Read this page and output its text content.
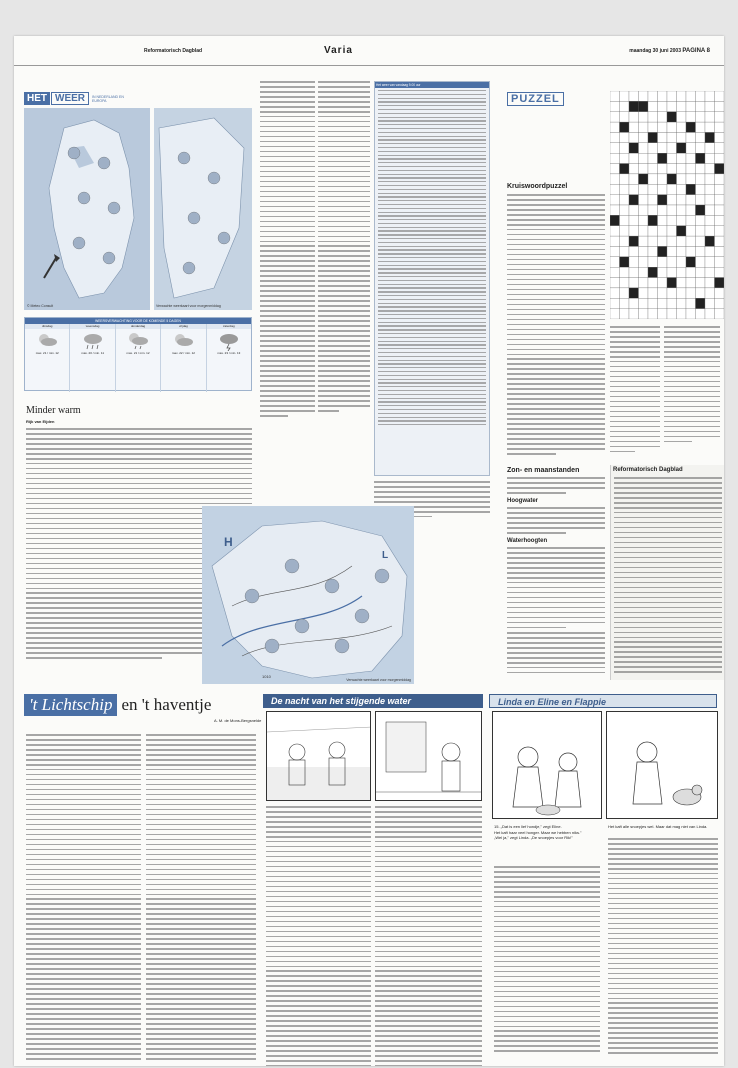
Reformatorisch Dagblad	Varia	maandag 30 juni 2003 PAGINA 8
HET WEER	IN NEDERLAND EN EUROPA
© Meteo Consult	Verwachte weerkaart voor morgenmiddag
WEERSVERWACHTING VOOR DE KOMENDE 5 DAGEN
dinsdag
max. 21 / min. 12
woensdag
max. 20 / min. 11
donderdag
max. 21 / min. 12
vrijdag
max. 22 / min. 12
zaterdag
max. 23 / min. 13
Minder warm
Rijk van Eijden
Het weer van vandaag 9.00 uur
H
L
1010
Verwachte weerkaart voor morgenmiddag
PUZZEL
Kruiswoordpuzzel
Zon- en maanstanden
Hoogwater
Waterhoogten
Reformatorisch Dagblad
't Lichtschip en 't haventje
A. M. de Mons-Bergsnelde
De nacht van het stijgende water	Linda en Eline en Flappie
15. „Dat is een lief hondje," zegt Eline.
Het kaft haar veel honger. Maar we hebben niks."
„Wel ja," zegt Linda. „De snoepjes voor Rik!"
Het kaft alle snoepjes wel. Maar dat mag niet van Linda.
